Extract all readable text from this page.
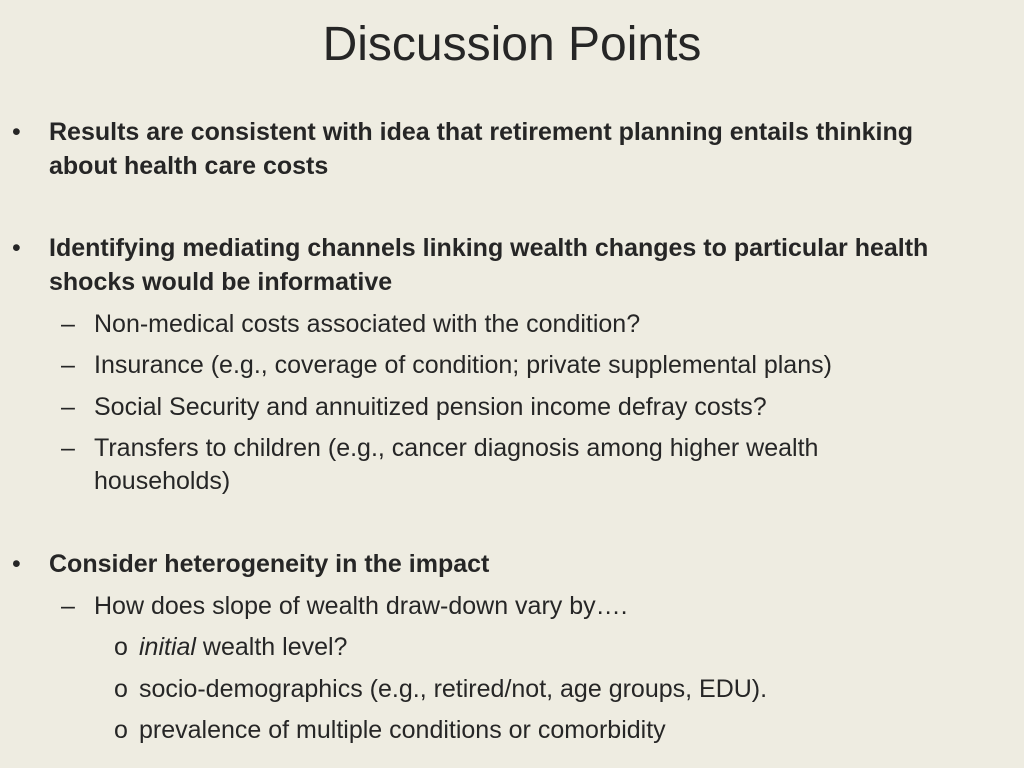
Discussion Points
• Results are consistent with idea that retirement planning entails thinking
about health care costs
• Identifying mediating channels linking wealth changes to particular health
shocks would be informative
– Non-medical costs associated with the condition?
– Insurance (e.g., coverage of condition; private supplemental plans)
– Social Security and annuitized pension income defray costs?
– Transfers to children (e.g., cancer diagnosis among higher wealth
households)
• Consider heterogeneity in the impact
– How does slope of wealth draw-down vary by….
o initial wealth level?
o socio-demographics (e.g., retired/not, age groups, EDU).
o prevalence of multiple conditions or comorbidity
